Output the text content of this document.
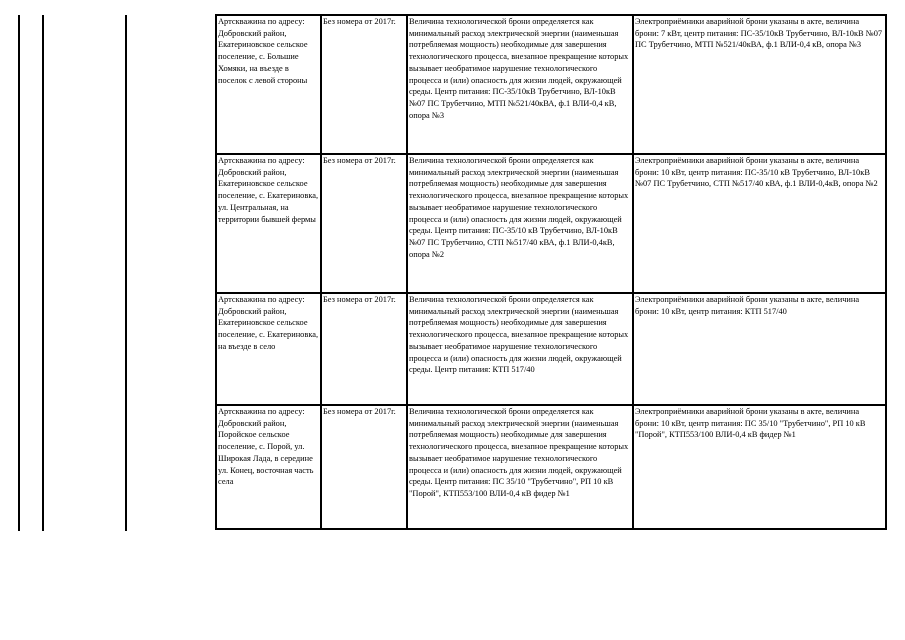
Артскважина по адресу: Добровский район, Екатериновское сельское поселение, с. Большие Хомяки, на въезде в поселок с левой стороны	Без номера от 2017г.	Величина технологической брони определяется как минимальный расход электрической энергии (наименьшая потребляемая мощность) необходимые для завершения технологического процесса, внезапное прекращение которых вызывает необратимое нарушение технологического процесса и (или) опасность для жизни людей, окружающей среды. Центр питания: ПС-35/10кВ Трубетчино, ВЛ-10кВ №07 ПС Трубетчино, МТП №521/40кВА, ф.1 ВЛИ-0,4 кВ, опора №3	Электроприёмники аварийной брони указаны в акте, величина брони: 7 кВт, центр питания: ПС-35/10кВ Трубетчино, ВЛ-10кВ №07 ПС Трубетчино, МТП №521/40кВА, ф.1 ВЛИ-0,4 кВ, опора №3
Артскважина по адресу: Добровский район, Екатериновское сельское поселение, с. Екатериновка, ул. Центральная, на территории бывшей фермы	Без номера от 2017г.	Величина технологической брони определяется как минимальный расход электрической энергии (наименьшая потребляемая мощность) необходимые для завершения технологического процесса, внезапное прекращение которых вызывает необратимое нарушение технологического процесса и (или) опасность для жизни людей, окружающей среды. Центр питания: ПС-35/10 кВ Трубетчино, ВЛ-10кВ №07 ПС Трубетчино, СТП №517/40 кВА, ф.1 ВЛИ-0,4кВ, опора №2	Электроприёмники аварийной брони указаны в акте, величина брони: 10 кВт, центр питания: ПС-35/10 кВ Трубетчино, ВЛ-10кВ №07 ПС Трубетчино, СТП №517/40 кВА, ф.1 ВЛИ-0,4кВ, опора №2
Артскважина по адресу: Добровский район, Екатериновское сельское поселение, с. Екатериновка, на въезде в село	Без номера от 2017г.	Величина технологической брони определяется как минимальный расход электрической энергии (наименьшая потребляемая мощность) необходимые для завершения технологического процесса, внезапное прекращение которых вызывает необратимое нарушение технологического процесса и (или) опасность для жизни людей, окружающей среды. Центр питания: КТП 517/40	Электроприёмники аварийной брони указаны в акте, величина брони: 10 кВт, центр питания: КТП 517/40
Артскважина по адресу: Добровский район, Поройское сельское поселение, с. Порой, ул. Широкая Лада, в середине ул. Конец, восточная часть села	Без номера от 2017г.	Величина технологической брони определяется как минимальный расход электрической энергии (наименьшая потребляемая мощность) необходимые для завершения технологического процесса, внезапное прекращение которых вызывает необратимое нарушение технологического процесса и (или) опасность для жизни людей, окружающей среды. Центр питания: ПС 35/10 "Трубетчино", РП 10 кВ "Порой", КТП553/100 ВЛИ-0,4 кВ фидер №1	Электроприёмники аварийной брони указаны в акте, величина брони: 10 кВт, центр питания: ПС 35/10 "Трубетчино", РП 10 кВ "Порой", КТП553/100 ВЛИ-0,4 кВ фидер №1
